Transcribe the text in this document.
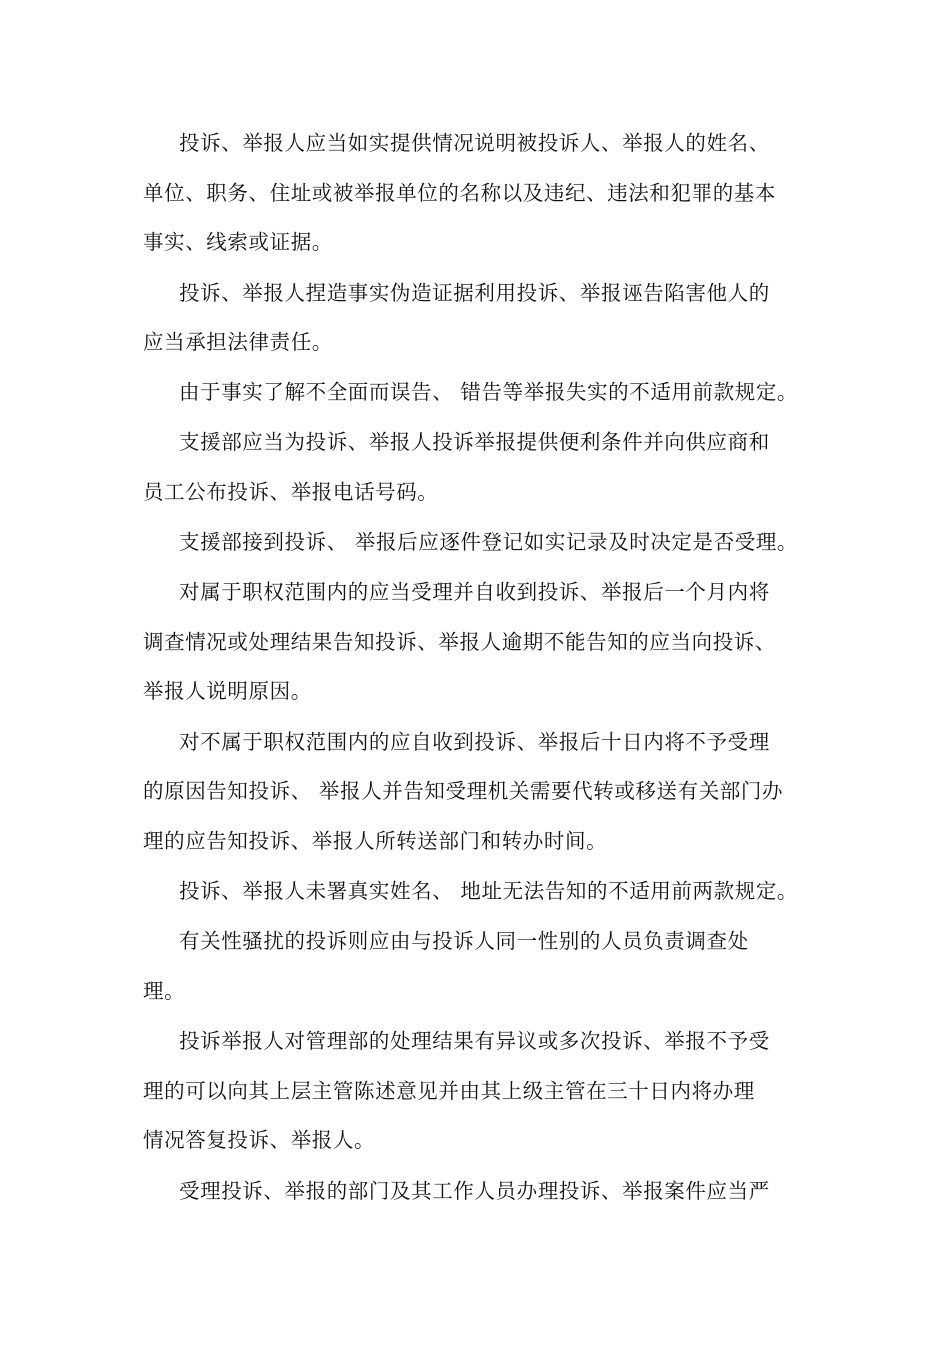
投诉、举报人应当如实提供情况说明被投诉人、举报人的姓名、
单位、职务、住址或被举报单位的名称以及违纪、违法和犯罪的基本
事实、线索或证据。
投诉、举报人捏造事实伪造证据利用投诉、举报诬告陷害他人的
应当承担法律责任。
由于事实了解不全面而误告、 错告等举报失实的不适用前款规定。
支援部应当为投诉、举报人投诉举报提供便利条件并向供应商和
员工公布投诉、举报电话号码。
支援部接到投诉、 举报后应逐件登记如实记录及时决定是否受理。
对属于职权范围内的应当受理并自收到投诉、举报后一个月内将
调查情况或处理结果告知投诉、举报人逾期不能告知的应当向投诉、
举报人说明原因。
对不属于职权范围内的应自收到投诉、举报后十日内将不予受理
的原因告知投诉、 举报人并告知受理机关需要代转或移送有关部门办
理的应告知投诉、举报人所转送部门和转办时间。
投诉、举报人未署真实姓名、 地址无法告知的不适用前两款规定。
有关性骚扰的投诉则应由与投诉人同一性别的人员负责调查处
理。
投诉举报人对管理部的处理结果有异议或多次投诉、举报不予受
理的可以向其上层主管陈述意见并由其上级主管在三十日内将办理
情况答复投诉、举报人。
受理投诉、举报的部门及其工作人员办理投诉、举报案件应当严
